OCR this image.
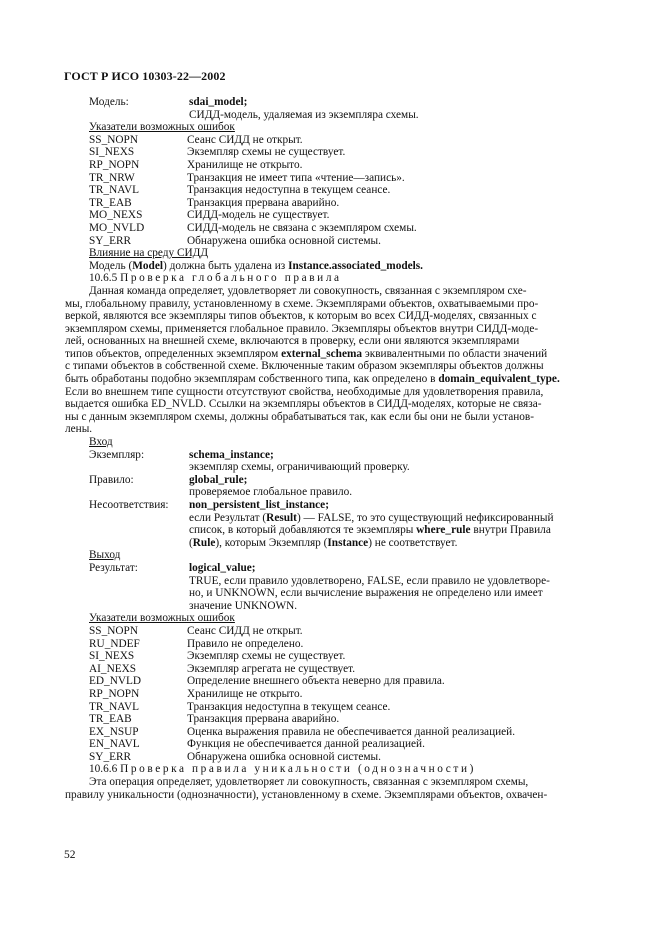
ГОСТ Р ИСО 10303-22—2002
Модель:	sdai_model;
СИДД-модель, удаляемая из экземпляра схемы.
Указатели возможных ошибок
SS_NOPN	Сеанс СИДД не открыт.
SI_NEXS	Экземпляр схемы не существует.
RP_NOPN	Хранилище не открыто.
TR_NRW	Транзакция не имеет типа «чтение—запись».
TR_NAVL	Транзакция недоступна в текущем сеансе.
TR_EAB	Транзакция прервана аварийно.
MO_NEXS	СИДД-модель не существует.
MO_NVLD	СИДД-модель не связана с экземпляром схемы.
SY_ERR	Обнаружена ошибка основной системы.
Влияние на среду СИДД
Модель (Model) должна быть удалена из Instance.associated_models.
10.6.5 Проверка глобального правила
Данная команда определяет, удовлетворяет ли совокупность, связанная с экземпляром схе-
мы, глобальному правилу, установленному в схеме. Экземплярами объектов, охватываемыми про-
веркой, являются все экземпляры типов объектов, к которым во всех СИДД-моделях, связанных с
экземпляром схемы, применяется глобальное правило. Экземпляры объектов внутри СИДД-моде-
лей, основанных на внешней схеме, включаются в проверку, если они являются экземплярами
типов объектов, определенных экземпляром external_schema эквивалентными по области значений
с типами объектов в собственной схеме. Включенные таким образом экземпляры объектов должны
быть обработаны подобно экземплярам собственного типа, как определено в domain_equivalent_type.
Если во внешнем типе сущности отсутствуют свойства, необходимые для удовлетворения правила,
выдается ошибка ED_NVLD. Ссылки на экземпляры объектов в СИДД-моделях, которые не связа-
ны с данным экземпляром схемы, должны обрабатываться так, как если бы они не были установ-
лены.
Вход
Экземпляр:	schema_instance;
экземпляр схемы, ограничивающий проверку.
Правило:	global_rule;
проверяемое глобальное правило.
Несоответствия:	non_persistent_list_instance;
если Результат (Result) — FALSE, то это существующий нефиксированный
список, в который добавляются те экземпляры where_rule внутри Правила
(Rule), которым Экземпляр (Instance) не соответствует.
Выход
Результат:	logical_value;
TRUE, если правило удовлетворено, FALSE, если правило не удовлетворе-
но, и UNKNOWN, если вычисление выражения не определено или имеет
значение UNKNOWN.
Указатели возможных ошибок
SS_NOPN	Сеанс СИДД не открыт.
RU_NDEF	Правило не определено.
SI_NEXS	Экземпляр схемы не существует.
AI_NEXS	Экземпляр агрегата не существует.
ED_NVLD	Определение внешнего объекта неверно для правила.
RP_NOPN	Хранилище не открыто.
TR_NAVL	Транзакция недоступна в текущем сеансе.
TR_EAB	Транзакция прервана аварийно.
EX_NSUP	Оценка выражения правила не обеспечивается данной реализацией.
EN_NAVL	Функция не обеспечивается данной реализацией.
SY_ERR	Обнаружена ошибка основной системы.
10.6.6 Проверка правила уникальности (однозначности)
Эта операция определяет, удовлетворяет ли совокупность, связанная с экземпляром схемы,
правилу уникальности (однозначности), установленному в схеме. Экземплярами объектов, охвачен-
52
